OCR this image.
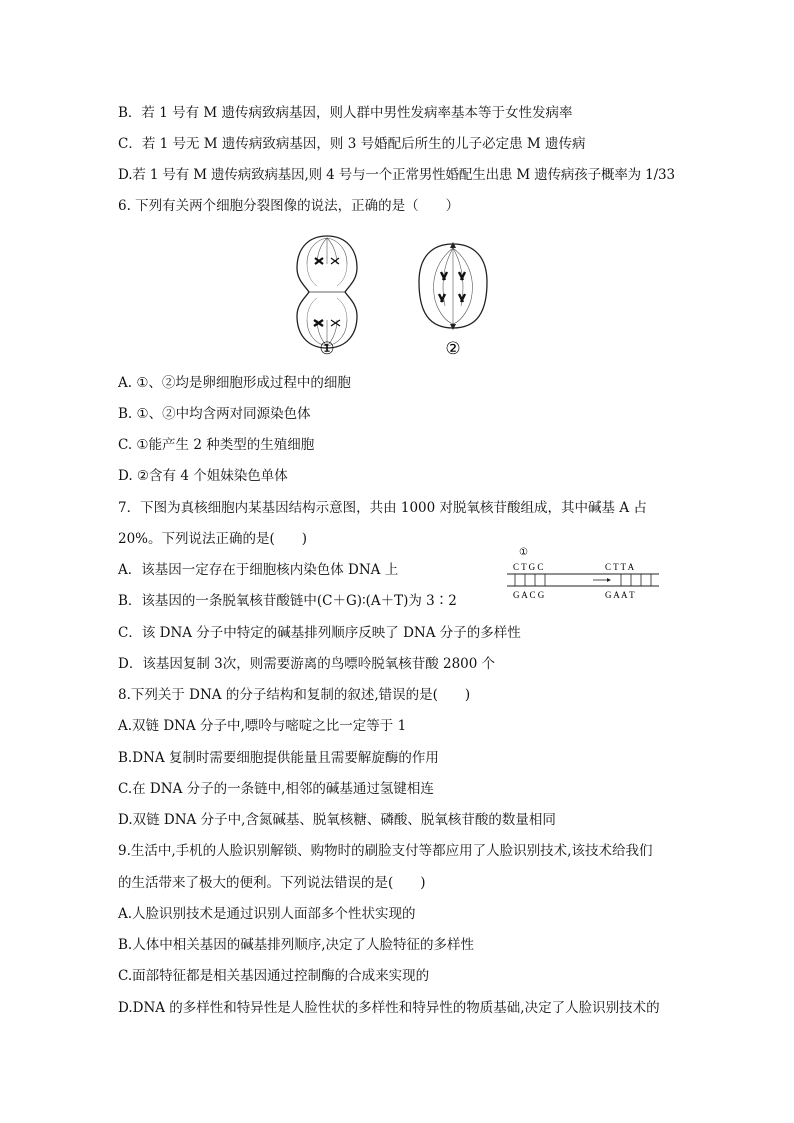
B．若 1 号有 M 遗传病致病基因，则人群中男性发病率基本等于女性发病率
C．若 1 号无 M 遗传病致病基因，则 3 号婚配后所生的儿子必定患 M 遗传病
D.若 1 号有 M 遗传病致病基因,则 4 号与一个正常男性婚配生出患 M 遗传病孩子概率为 1/33
6. 下列有关两个细胞分裂图像的说法，正确的是（　　）
A. ①、②均是卵细胞形成过程中的细胞
B. ①、②中均含两对同源染色体
C. ①能产生 2 种类型的生殖细胞
D. ②含有 4 个姐妹染色单体
7．下图为真核细胞内某基因结构示意图，共由 1000 对脱氧核苷酸组成，其中碱基 A 占
20%。下列说法正确的是(　　)
A．该基因一定存在于细胞核内染色体 DNA 上
B．该基因的一条脱氧核苷酸链中(C＋G)∶(A＋T)为 3∶2
C．该 DNA 分子中特定的碱基排列顺序反映了 DNA 分子的多样性
D．该基因复制 3次，则需要游离的鸟嘌呤脱氧核苷酸 2800 个
8.下列关于 DNA 的分子结构和复制的叙述,错误的是(　　)
A.双链 DNA 分子中,嘌呤与嘧啶之比一定等于 1
B.DNA 复制时需要细胞提供能量且需要解旋酶的作用
C.在 DNA 分子的一条链中,相邻的碱基通过氢键相连
D.双链 DNA 分子中,含氮碱基、脱氧核糖、磷酸、脱氧核苷酸的数量相同
9.生活中,手机的人脸识别解锁、购物时的刷脸支付等都应用了人脸识别技术,该技术给我们
的生活带来了极大的便利。下列说法错误的是(　　)
A.人脸识别技术是通过识别人面部多个性状实现的
B.人体中相关基因的碱基排列顺序,决定了人脸特征的多样性
C.面部特征都是相关基因通过控制酶的合成来实现的
D.DNA 的多样性和特异性是人脸性状的多样性和特异性的物质基础,决定了人脸识别技术的
①	②
①
C T G C	C T T A
G A C G	G A A T
